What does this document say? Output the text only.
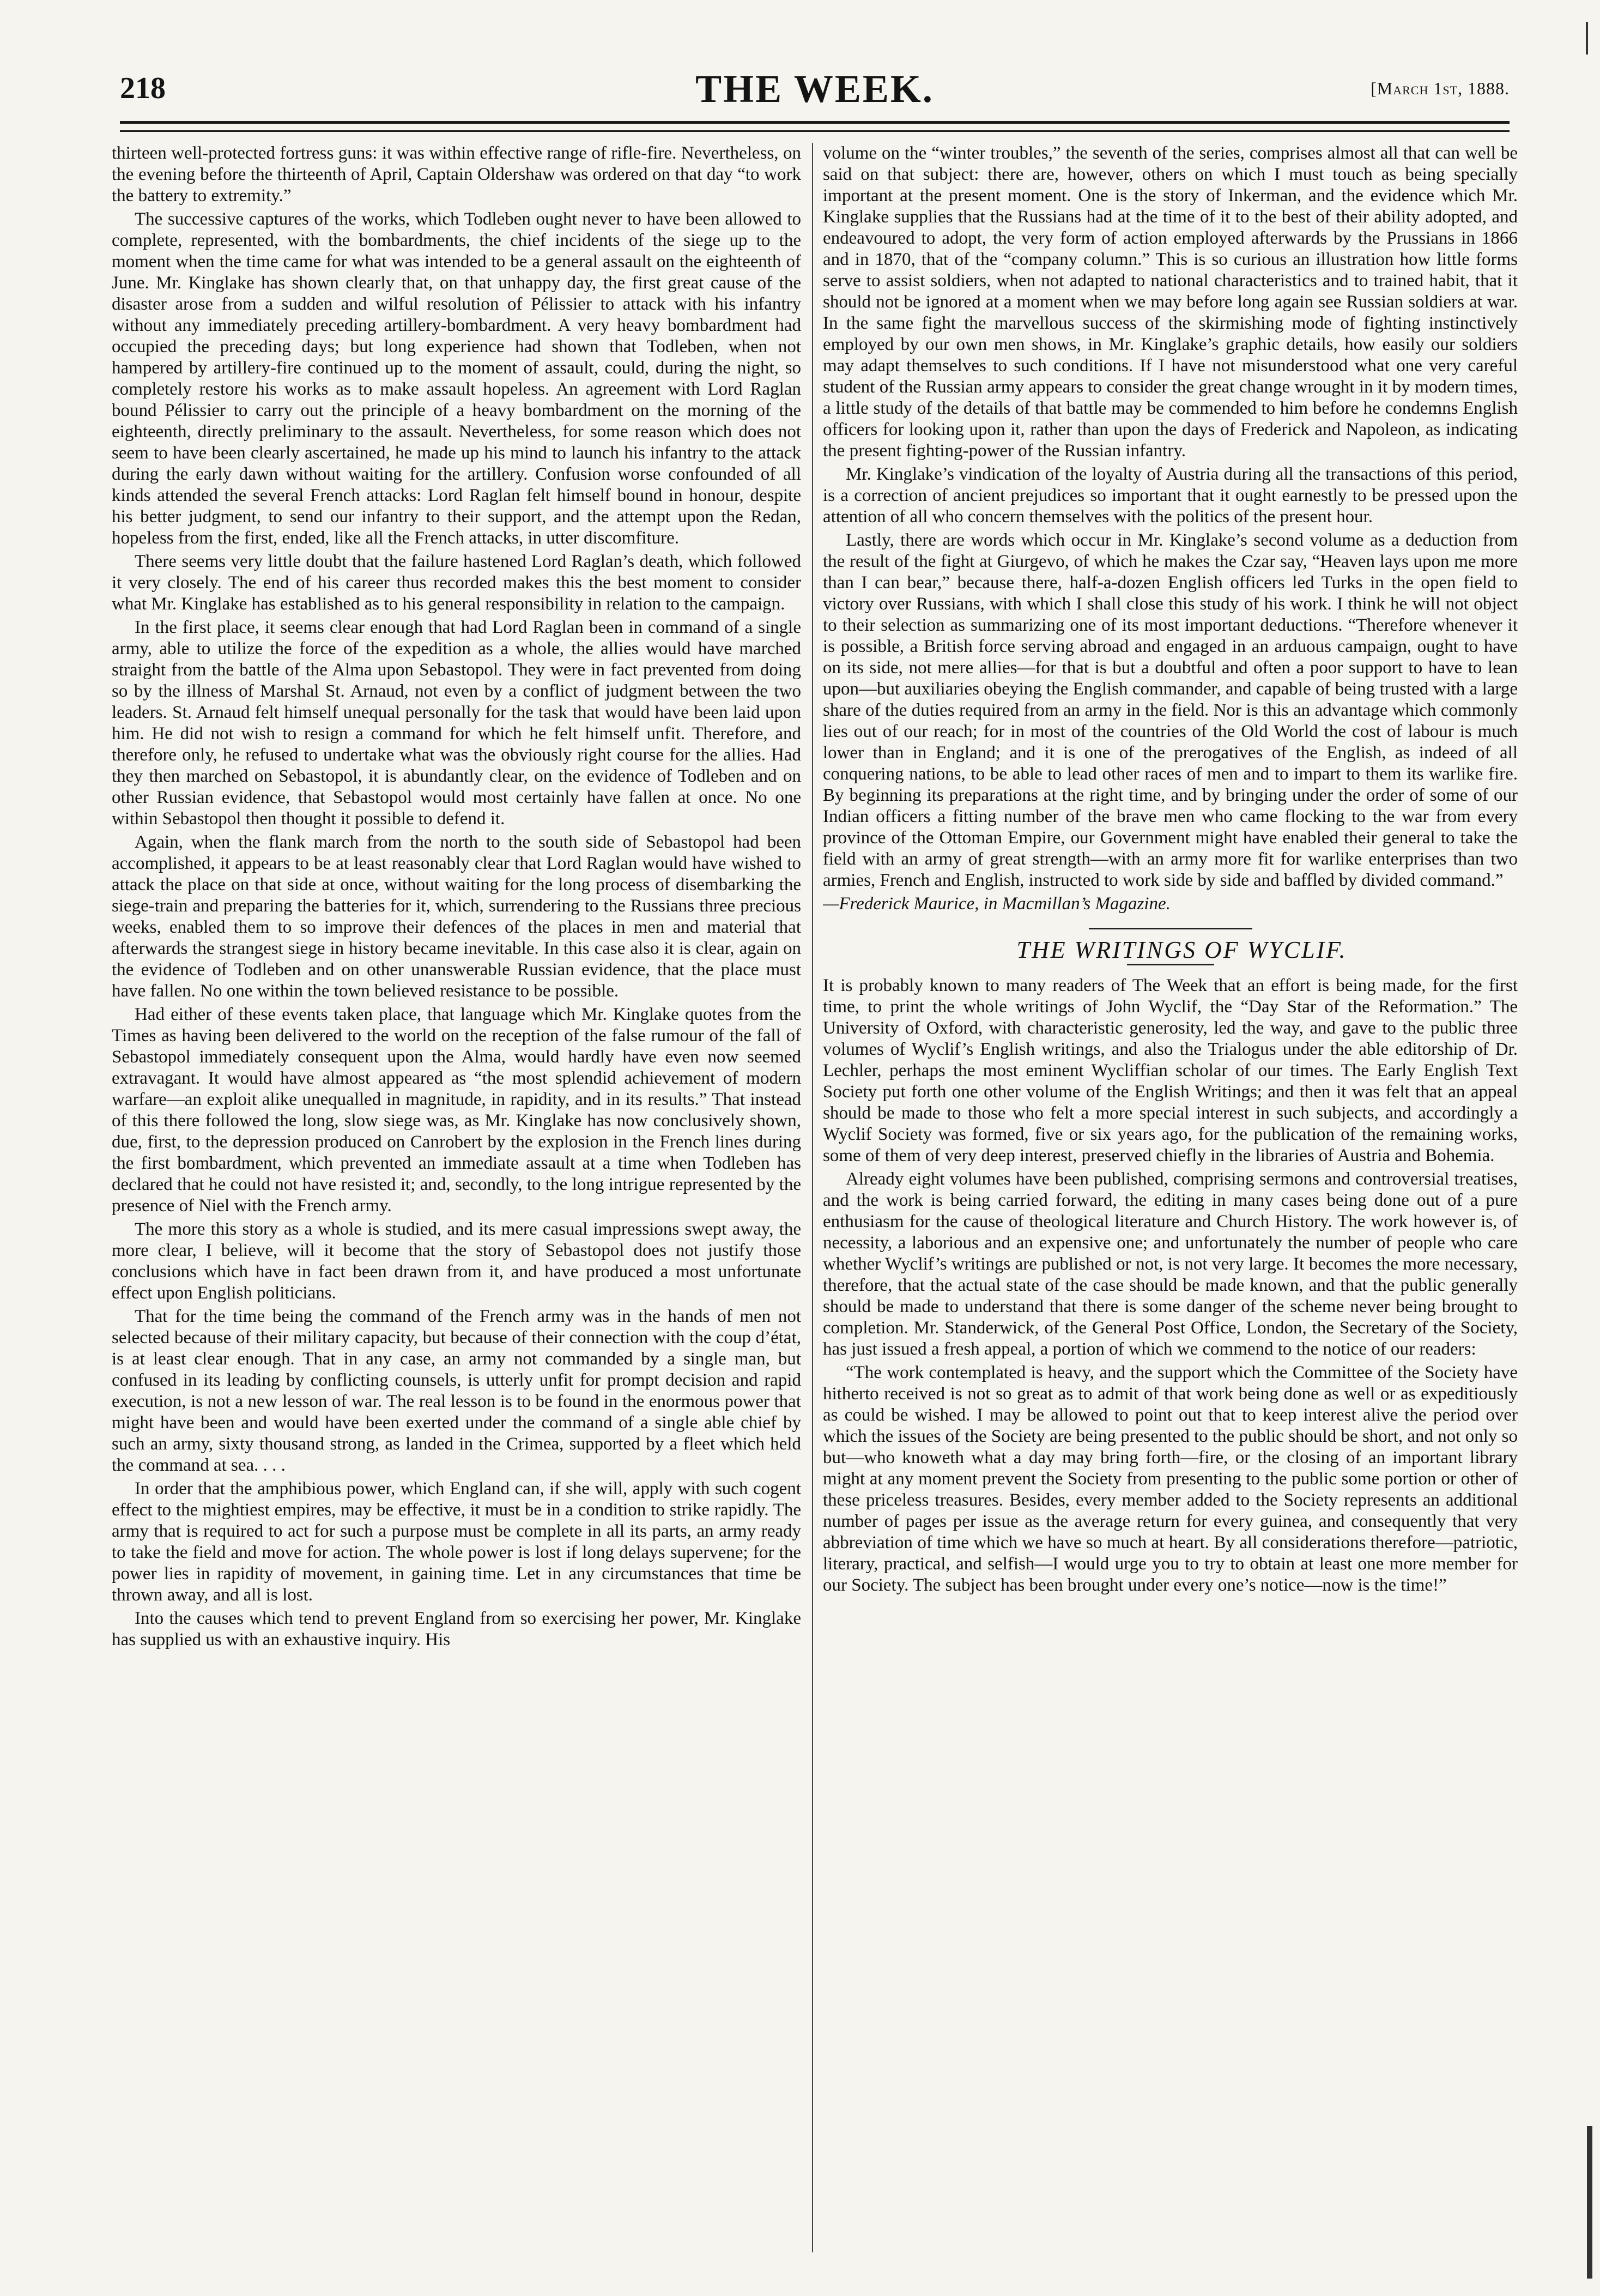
218	THE WEEK.	[March 1st, 1888.

thirteen well-protected fortress guns: it was within effective range of rifle-fire. Nevertheless, on the evening before the thirteenth of April, Captain Oldershaw was ordered on that day “to work the battery to extremity.”

The successive captures of the works, which Todleben ought never to have been allowed to complete, represented, with the bombardments, the chief incidents of the siege up to the moment when the time came for what was intended to be a general assault on the eighteenth of June. Mr. Kinglake has shown clearly that, on that unhappy day, the first great cause of the disaster arose from a sudden and wilful resolution of Pélissier to attack with his infantry without any immediately preceding artillery-bombardment. A very heavy bombardment had occupied the preceding days; but long experience had shown that Todleben, when not hampered by artillery-fire continued up to the moment of assault, could, during the night, so completely restore his works as to make assault hopeless. An agreement with Lord Raglan bound Pélissier to carry out the principle of a heavy bombardment on the morning of the eighteenth, directly preliminary to the assault. Nevertheless, for some reason which does not seem to have been clearly ascertained, he made up his mind to launch his infantry to the attack during the early dawn without waiting for the artillery. Confusion worse confounded of all kinds attended the several French attacks: Lord Raglan felt himself bound in honour, despite his better judgment, to send our infantry to their support, and the attempt upon the Redan, hopeless from the first, ended, like all the French attacks, in utter discomfiture.

There seems very little doubt that the failure hastened Lord Raglan’s death, which followed it very closely. The end of his career thus recorded makes this the best moment to consider what Mr. Kinglake has established as to his general responsibility in relation to the campaign.

In the first place, it seems clear enough that had Lord Raglan been in command of a single army, able to utilize the force of the expedition as a whole, the allies would have marched straight from the battle of the Alma upon Sebastopol. They were in fact prevented from doing so by the illness of Marshal St. Arnaud, not even by a conflict of judgment between the two leaders. St. Arnaud felt himself unequal personally for the task that would have been laid upon him. He did not wish to resign a command for which he felt himself unfit. Therefore, and therefore only, he refused to undertake what was the obviously right course for the allies. Had they then marched on Sebastopol, it is abundantly clear, on the evidence of Todleben and on other Russian evidence, that Sebastopol would most certainly have fallen at once. No one within Sebastopol then thought it possible to defend it.

Again, when the flank march from the north to the south side of Sebastopol had been accomplished, it appears to be at least reasonably clear that Lord Raglan would have wished to attack the place on that side at once, without waiting for the long process of disembarking the siege-train and preparing the batteries for it, which, surrendering to the Russians three precious weeks, enabled them to so improve their defences of the places in men and material that afterwards the strangest siege in history became inevitable. In this case also it is clear, again on the evidence of Todleben and on other unanswerable Russian evidence, that the place must have fallen. No one within the town believed resistance to be possible.

Had either of these events taken place, that language which Mr. Kinglake quotes from the Times as having been delivered to the world on the reception of the false rumour of the fall of Sebastopol immediately consequent upon the Alma, would hardly have even now seemed extravagant. It would have almost appeared as “the most splendid achievement of modern warfare—an exploit alike unequalled in magnitude, in rapidity, and in its results.” That instead of this there followed the long, slow siege was, as Mr. Kinglake has now conclusively shown, due, first, to the depression produced on Canrobert by the explosion in the French lines during the first bombardment, which prevented an immediate assault at a time when Todleben has declared that he could not have resisted it; and, secondly, to the long intrigue represented by the presence of Niel with the French army.

The more this story as a whole is studied, and its mere casual impressions swept away, the more clear, I believe, will it become that the story of Sebastopol does not justify those conclusions which have in fact been drawn from it, and have produced a most unfortunate effect upon English politicians.

That for the time being the command of the French army was in the hands of men not selected because of their military capacity, but because of their connection with the coup d’état, is at least clear enough. That in any case, an army not commanded by a single man, but confused in its leading by conflicting counsels, is utterly unfit for prompt decision and rapid execution, is not a new lesson of war. The real lesson is to be found in the enormous power that might have been and would have been exerted under the command of a single able chief by such an army, sixty thousand strong, as landed in the Crimea, supported by a fleet which held the command at sea. . . .

In order that the amphibious power, which England can, if she will, apply with such cogent effect to the mightiest empires, may be effective, it must be in a condition to strike rapidly. The army that is required to act for such a purpose must be complete in all its parts, an army ready to take the field and move for action. The whole power is lost if long delays supervene; for the power lies in rapidity of movement, in gaining time. Let in any circumstances that time be thrown away, and all is lost.

Into the causes which tend to prevent England from so exercising her power, Mr. Kinglake has supplied us with an exhaustive inquiry. His

volume on the “winter troubles,” the seventh of the series, comprises almost all that can well be said on that subject: there are, however, others on which I must touch as being specially important at the present moment. One is the story of Inkerman, and the evidence which Mr. Kinglake supplies that the Russians had at the time of it to the best of their ability adopted, and endeavoured to adopt, the very form of action employed afterwards by the Prussians in 1866 and in 1870, that of the “company column.” This is so curious an illustration how little forms serve to assist soldiers, when not adapted to national characteristics and to trained habit, that it should not be ignored at a moment when we may before long again see Russian soldiers at war. In the same fight the marvellous success of the skirmishing mode of fighting instinctively employed by our own men shows, in Mr. Kinglake’s graphic details, how easily our soldiers may adapt themselves to such conditions. If I have not misunderstood what one very careful student of the Russian army appears to consider the great change wrought in it by modern times, a little study of the details of that battle may be commended to him before he condemns English officers for looking upon it, rather than upon the days of Frederick and Napoleon, as indicating the present fighting-power of the Russian infantry.

Mr. Kinglake’s vindication of the loyalty of Austria during all the transactions of this period, is a correction of ancient prejudices so important that it ought earnestly to be pressed upon the attention of all who concern themselves with the politics of the present hour.

Lastly, there are words which occur in Mr. Kinglake’s second volume as a deduction from the result of the fight at Giurgevo, of which he makes the Czar say, “Heaven lays upon me more than I can bear,” because there, half-a-dozen English officers led Turks in the open field to victory over Russians, with which I shall close this study of his work. I think he will not object to their selection as summarizing one of its most important deductions. “Therefore whenever it is possible, a British force serving abroad and engaged in an arduous campaign, ought to have on its side, not mere allies—for that is but a doubtful and often a poor support to have to lean upon—but auxiliaries obeying the English commander, and capable of being trusted with a large share of the duties required from an army in the field. Nor is this an advantage which commonly lies out of our reach; for in most of the countries of the Old World the cost of labour is much lower than in England; and it is one of the prerogatives of the English, as indeed of all conquering nations, to be able to lead other races of men and to impart to them its warlike fire. By beginning its preparations at the right time, and by bringing under the order of some of our Indian officers a fitting number of the brave men who came flocking to the war from every province of the Ottoman Empire, our Government might have enabled their general to take the field with an army of great strength—with an army more fit for warlike enterprises than two armies, French and English, instructed to work side by side and baffled by divided command.”

—Frederick Maurice, in Macmillan’s Magazine.

THE WRITINGS OF WYCLIF.

It is probably known to many readers of The Week that an effort is being made, for the first time, to print the whole writings of John Wyclif, the “Day Star of the Reformation.” The University of Oxford, with characteristic generosity, led the way, and gave to the public three volumes of Wyclif’s English writings, and also the Trialogus under the able editorship of Dr. Lechler, perhaps the most eminent Wycliffian scholar of our times. The Early English Text Society put forth one other volume of the English Writings; and then it was felt that an appeal should be made to those who felt a more special interest in such subjects, and accordingly a Wyclif Society was formed, five or six years ago, for the publication of the remaining works, some of them of very deep interest, preserved chiefly in the libraries of Austria and Bohemia.

Already eight volumes have been published, comprising sermons and controversial treatises, and the work is being carried forward, the editing in many cases being done out of a pure enthusiasm for the cause of theological literature and Church History. The work however is, of necessity, a laborious and an expensive one; and unfortunately the number of people who care whether Wyclif’s writings are published or not, is not very large. It becomes the more necessary, therefore, that the actual state of the case should be made known, and that the public generally should be made to understand that there is some danger of the scheme never being brought to completion. Mr. Standerwick, of the General Post Office, London, the Secretary of the Society, has just issued a fresh appeal, a portion of which we commend to the notice of our readers:

“The work contemplated is heavy, and the support which the Committee of the Society have hitherto received is not so great as to admit of that work being done as well or as expeditiously as could be wished. I may be allowed to point out that to keep interest alive the period over which the issues of the Society are being presented to the public should be short, and not only so but—who knoweth what a day may bring forth—fire, or the closing of an important library might at any moment prevent the Society from presenting to the public some portion or other of these priceless treasures. Besides, every member added to the Society represents an additional number of pages per issue as the average return for every guinea, and consequently that very abbreviation of time which we have so much at heart. By all considerations therefore—patriotic, literary, practical, and selfish—I would urge you to try to obtain at least one more member for our Society. The subject has been brought under every one’s notice—now is the time!”
